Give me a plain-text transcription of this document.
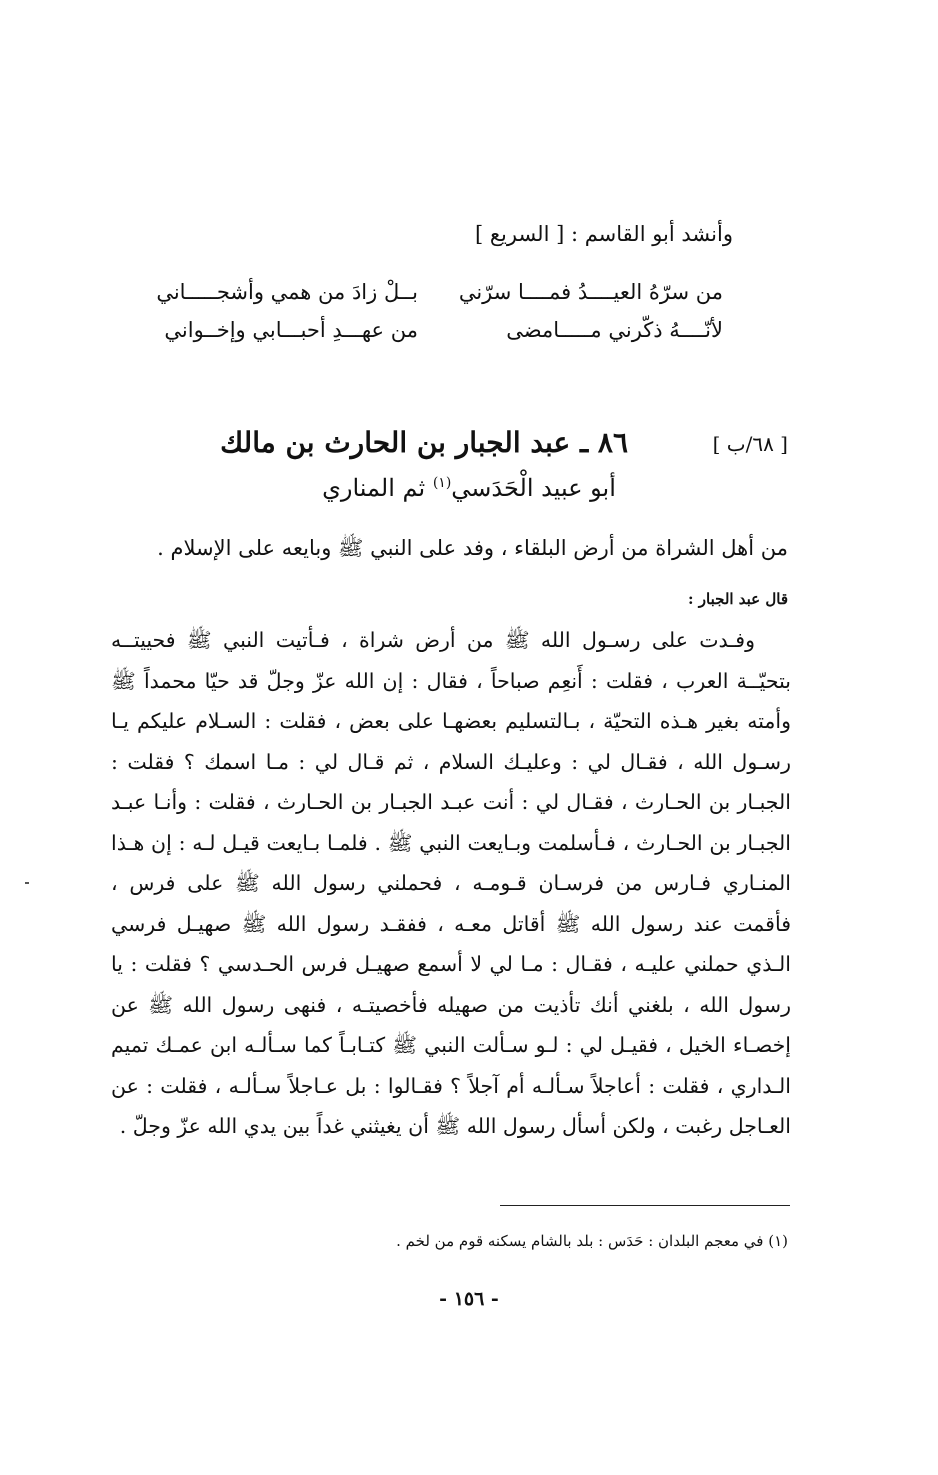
وأنشد أبو القاسم : [ السريع ]
من سرّهُ العيــــدُ فمــــا سرّني
بــلْ زادَ من همي وأشجـــــاني
لأنّــــهُ ذكّرني مـــــامضى
من عهـــدِ أحبـــابي وإخــواني
[ ٦٨/ب ]
٨٦ ـ عبد الجبار بن الحارث بن مالك
أبو عبيد الْحَدَسي$^{(١)}$ ثم المناري
من أهل الشراة من أرض البلقاء ، وفد على النبي ﷺ وبايعه على الإسلام .
قال عبد الجبار :

وفـدت على رسـول الله ﷺ من أرض شراة ، فـأتيت النبي ﷺ فحييتــه بتحيّــة العرب ، فقلت : أَنعِم صباحاً ، فقال : إن الله عزّ وجلّ قد حيّا محمداً ﷺ وأمته بغير هـذه التحيّة ، بـالتسليم بعضهـا على بعض ، فقلت : السـلام عليكم يـا رسـول الله ، فقـال لي : وعليـك السلام ، ثم قـال لي : مـا اسمك ؟ فقلت : الجبـار بن الحـارث ، فقـال لي : أنت عبـد الجبـار بن الحـارث ، فقلت : وأنـا عبـد الجبـار بن الحـارث ، فـأسلمت وبـايعت النبي ﷺ . فلمـا بـايعت قيـل لـه : إن هـذا المنـاري فـارس من فرسـان قـومـه ، فحملني رسول الله ﷺ على فرس ، فأقمت عند رسول الله ﷺ أقاتل معـه ، ففقـد رسول الله ﷺ صهيـل فرسي الـذي حملني عليـه ، فقـال : مـا لي لا أسمع صهيـل فرس الحـدسي ؟ فقلت : يا رسول الله ، بلغني أنك تأذيت من صهيله فأخصيتـه ، فنهى رسول الله ﷺ عن إخصـاء الخيل ، فقيـل لي : لـو سـألت النبي ﷺ كتـابـاً كما سـألـه ابن عمـك تميم الـداري ، فقلت : أعاجلاً سـألـه أم آجلاً ؟ فقـالوا : بل عـاجلاً سـألـه ، فقلت : عن العـاجل رغبت ، ولكن أسأل رسول الله ﷺ أن يغيثني غداً بين يدي الله عزّ وجلّ .

(١) في معجم البلدان : حَدَس : بلد بالشام يسكنه قوم من لخم .
- ١٥٦ -
